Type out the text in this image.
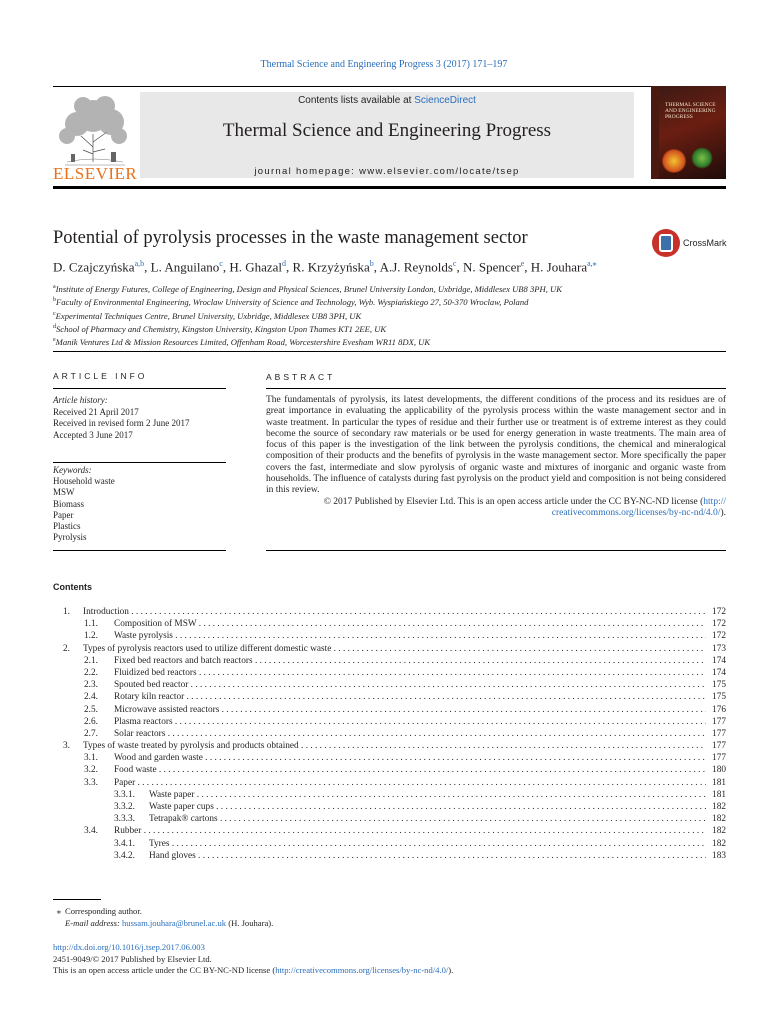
Thermal Science and Engineering Progress 3 (2017) 171–197
ELSEVIER
Contents lists available at ScienceDirect
Thermal Science and Engineering Progress
journal homepage: www.elsevier.com/locate/tsep
THERMAL SCIENCE AND ENGINEERING PROGRESS
Potential of pyrolysis processes in the waste management sector	CrossMark
D. Czajczyńska$^{a,b}$, L. Anguilano$^c$, H. Ghazal$^d$, R. Krzyżyńska$^b$, A.J. Reynolds$^c$, N. Spencer$^e$, H. Jouhara$^{a,⁎}$
$^a$Institute of Energy Futures, College of Engineering, Design and Physical Sciences, Brunel University London, Uxbridge, Middlesex UB8 3PH, UK
$^b$Faculty of Environmental Engineering, Wroclaw University of Science and Technology, Wyb. Wyspiańskiego 27, 50-370 Wroclaw, Poland
$^c$Experimental Techniques Centre, Brunel University, Uxbridge, Middlesex UB8 3PH, UK
$^d$School of Pharmacy and Chemistry, Kingston University, Kingston Upon Thames KT1 2EE, UK
$^e$Manik Ventures Ltd & Mission Resources Limited, Offenham Road, Worcestershire Evesham WR11 8DX, UK
ARTICLE INFO	ABSTRACT
Article history:
Received 21 April 2017
Received in revised form 2 June 2017
Accepted 3 June 2017
Keywords:
Household waste
MSW
Biomass
Paper
Plastics
Pyrolysis
The fundamentals of pyrolysis, its latest developments, the different conditions of the process and its residues are of great importance in evaluating the applicability of the pyrolysis process within the waste management sector and in waste treatment. In particular the types of residue and their further use or treatment is of extreme interest as they could become the source of secondary raw materials or be used for energy generation in waste treatments. The main area of focus of this paper is the investigation of the link between the pyrolysis conditions, the chemical and mineralogical composition of their products and the benefits of pyrolysis in the waste management sector. More specifically the paper covers the fast, intermediate and slow pyrolysis of organic waste and mixtures of inorganic and organic waste from households. The influence of catalysts during fast pyrolysis on the product yield and composition is not being considered in this review.
© 2017 Published by Elsevier Ltd. This is an open access article under the CC BY-NC-ND license (http://
creativecommons.org/licenses/by-nc-nd/4.0/).
Contents
1. Introduction . . .	172
1.1. Composition of MSW . . .	172
1.2. Waste pyrolysis . . .	172
2. Types of pyrolysis reactors used to utilize different domestic waste . . .	173
2.1. Fixed bed reactors and batch reactors . . .	174
2.2. Fluidized bed reactors . . .	174
2.3. Spouted bed reactor . . .	175
2.4. Rotary kiln reactor . . .	175
2.5. Microwave assisted reactors . . .	176
2.6. Plasma reactors . . .	177
2.7. Solar reactors . . .	177
3. Types of waste treated by pyrolysis and products obtained . . .	177
3.1. Wood and garden waste . . .	177
3.2. Food waste . . .	180
3.3. Paper . . .	181
3.3.1. Waste paper . . .	181
3.3.2. Waste paper cups . . .	182
3.3.3. Tetrapak® cartons . . .	182
3.4. Rubber . . .	182
3.4.1. Tyres . . .	182
3.4.2. Hand gloves . . .	183
⁎ Corresponding author.
E-mail address: hussam.jouhara@brunel.ac.uk (H. Jouhara).
http://dx.doi.org/10.1016/j.tsep.2017.06.003
2451-9049/© 2017 Published by Elsevier Ltd.
This is an open access article under the CC BY-NC-ND license (http://creativecommons.org/licenses/by-nc-nd/4.0/).
